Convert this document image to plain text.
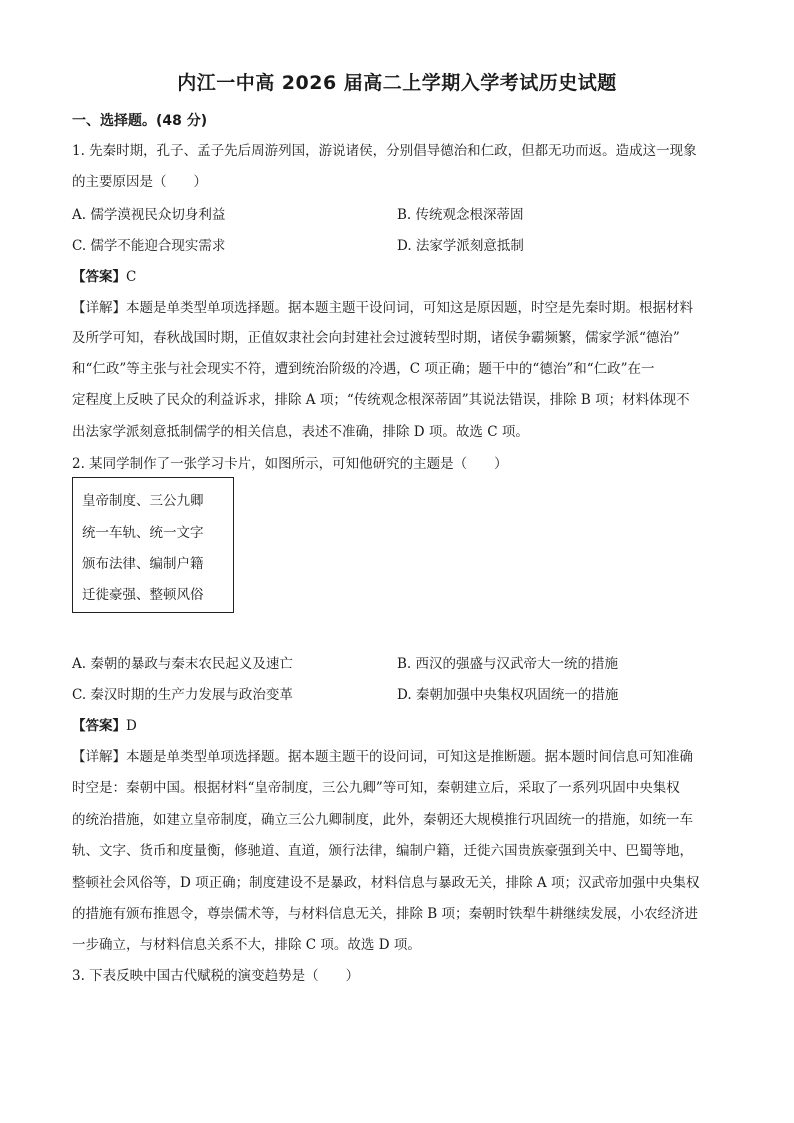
内江一中高 2026 届高二上学期入学考试历史试题
一、选择题。(48 分)
1. 先秦时期，孔子、孟子先后周游列国，游说诸侯，分别倡导德治和仁政，但都无功而返。造成这一现象
的主要原因是（　　）
A. 儒学漠视民众切身利益	B. 传统观念根深蒂固
C. 儒学不能迎合现实需求	D. 法家学派刻意抵制
【答案】C
【详解】本题是单类型单项选择题。据本题主题干设问词，可知这是原因题，时空是先秦时期。根据材料
及所学可知，春秋战国时期，正值奴隶社会向封建社会过渡转型时期，诸侯争霸频繁，儒家学派“德治”
和“仁政”等主张与社会现实不符，遭到统治阶级的冷遇，C 项正确；题干中的“德治”和“仁政”在一
定程度上反映了民众的利益诉求，排除 A 项；“传统观念根深蒂固”其说法错误，排除 B 项；材料体现不
出法家学派刻意抵制儒学的相关信息，表述不准确，排除 D 项。故选 C 项。
2. 某同学制作了一张学习卡片，如图所示，可知他研究的主题是（　　）
皇帝制度、三公九卿
统一车轨、统一文字
颁布法律、编制户籍
迁徙豪强、整顿风俗
A. 秦朝的暴政与秦末农民起义及速亡	B. 西汉的强盛与汉武帝大一统的措施
C. 秦汉时期的生产力发展与政治变革	D. 秦朝加强中央集权巩固统一的措施
【答案】D
【详解】本题是单类型单项选择题。据本题主题干的设问词，可知这是推断题。据本题时间信息可知准确
时空是：秦朝中国。根据材料“皇帝制度，三公九卿”等可知，秦朝建立后，采取了一系列巩固中央集权
的统治措施，如建立皇帝制度，确立三公九卿制度，此外，秦朝还大规模推行巩固统一的措施，如统一车
轨、文字、货币和度量衡，修驰道、直道，颁行法律，编制户籍，迁徙六国贵族豪强到关中、巴蜀等地，
整顿社会风俗等，D 项正确；制度建设不是暴政，材料信息与暴政无关，排除 A 项；汉武帝加强中央集权
的措施有颁布推恩令，尊崇儒术等，与材料信息无关，排除 B 项；秦朝时铁犁牛耕继续发展，小农经济进
一步确立，与材料信息关系不大，排除 C 项。故选 D 项。
3. 下表反映中国古代赋税的演变趋势是（　　）
